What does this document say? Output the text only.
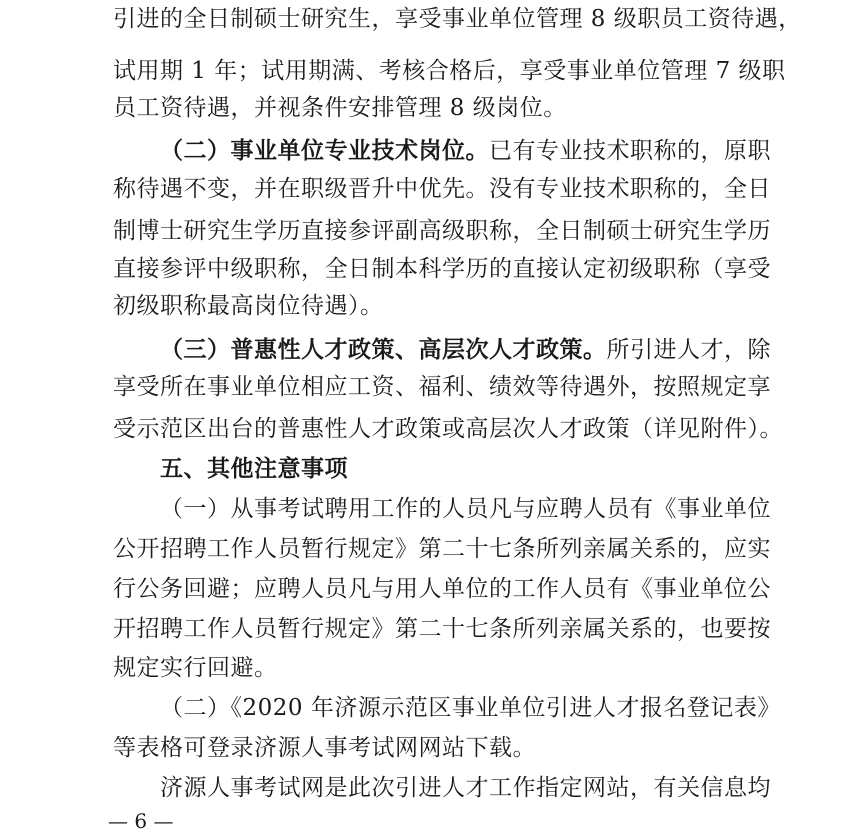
引进的全日制硕士研究生，享受事业单位管理 8 级职员工资待遇，
试用期 1 年；试用期满、考核合格后，享受事业单位管理 7 级职
员工资待遇，并视条件安排管理 8 级岗位。
（二）事业单位专业技术岗位。已有专业技术职称的，原职
称待遇不变，并在职级晋升中优先。没有专业技术职称的，全日
制博士研究生学历直接参评副高级职称，全日制硕士研究生学历
直接参评中级职称，全日制本科学历的直接认定初级职称（享受
初级职称最高岗位待遇）。
（三）普惠性人才政策、高层次人才政策。所引进人才，除
享受所在事业单位相应工资、福利、绩效等待遇外，按照规定享
受示范区出台的普惠性人才政策或高层次人才政策（详见附件）。
五、其他注意事项
（一）从事考试聘用工作的人员凡与应聘人员有《事业单位
公开招聘工作人员暂行规定》第二十七条所列亲属关系的，应实
行公务回避；应聘人员凡与用人单位的工作人员有《事业单位公
开招聘工作人员暂行规定》第二十七条所列亲属关系的，也要按
规定实行回避。
（二）《2020 年济源示范区事业单位引进人才报名登记表》
等表格可登录济源人事考试网网站下载。
济源人事考试网是此次引进人才工作指定网站，有关信息均
— 6 —
